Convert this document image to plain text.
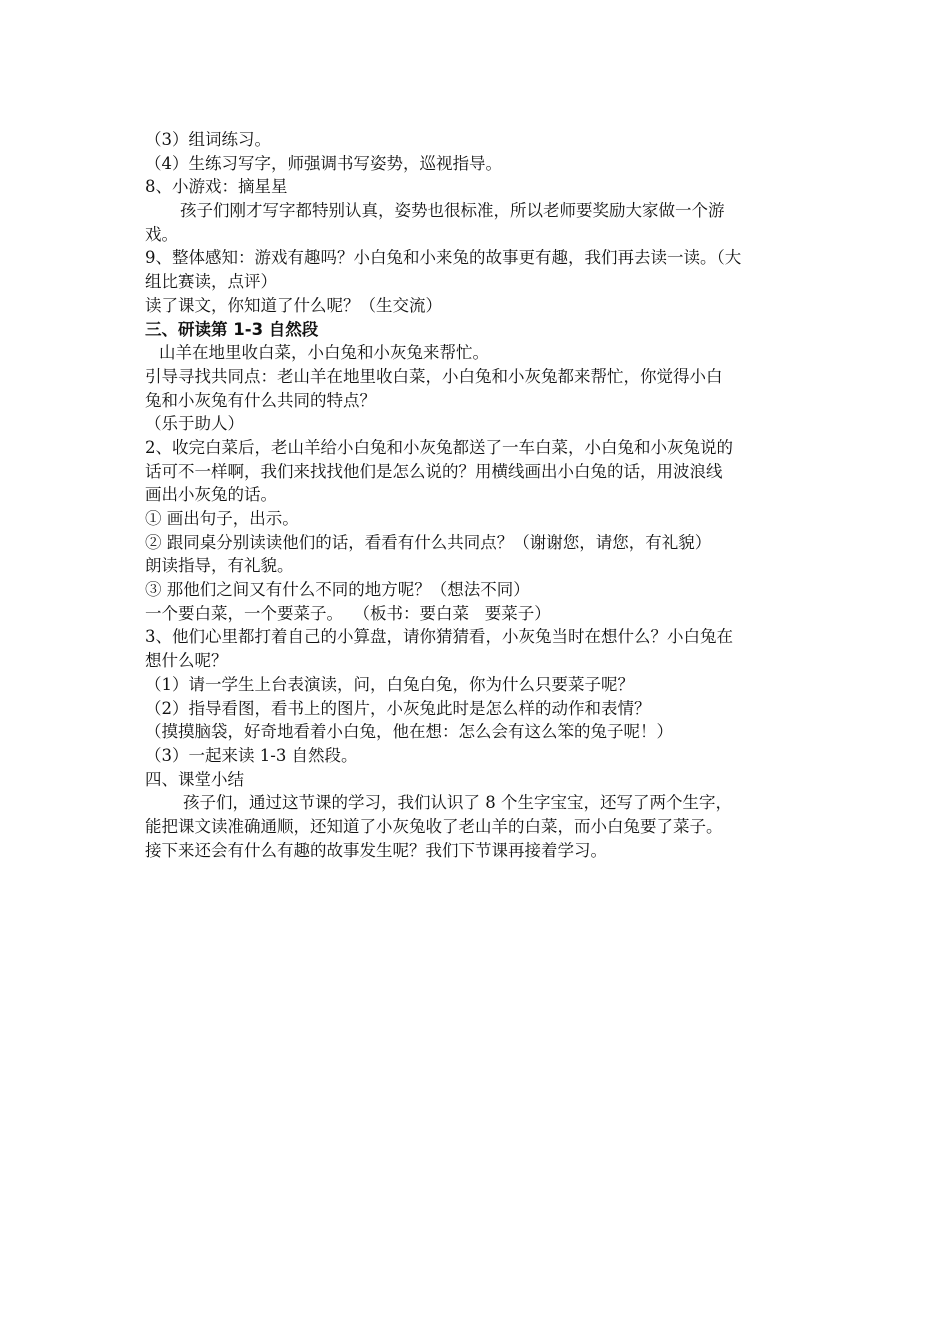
（3）组词练习。
（4）生练习写字，师强调书写姿势，巡视指导。
8、小游戏：摘星星
孩子们刚才写字都特别认真，姿势也很标准，所以老师要奖励大家做一个游
戏。
9、整体感知：游戏有趣吗？小白兔和小来兔的故事更有趣，我们再去读一读。（大
组比赛读，点评）
读了课文，你知道了什么呢？（生交流）
三、研读第 1-3 自然段
山羊在地里收白菜，小白兔和小灰兔来帮忙。
引导寻找共同点：老山羊在地里收白菜，小白兔和小灰兔都来帮忙，你觉得小白
兔和小灰兔有什么共同的特点？
（乐于助人）
2、收完白菜后，老山羊给小白兔和小灰兔都送了一车白菜，小白兔和小灰兔说的
话可不一样啊，我们来找找他们是怎么说的？用横线画出小白兔的话，用波浪线
画出小灰兔的话。
① 画出句子，出示。
② 跟同桌分别读读他们的话，看看有什么共同点？（谢谢您，请您，有礼貌）
朗读指导，有礼貌。
③ 那他们之间又有什么不同的地方呢？（想法不同）
一个要白菜，一个要菜子。  （板书：要白菜   要菜子）
3、他们心里都打着自己的小算盘，请你猜猜看，小灰兔当时在想什么？小白兔在
想什么呢？
（1）请一学生上台表演读，问，白兔白兔，你为什么只要菜子呢？
（2）指导看图，看书上的图片，小灰兔此时是怎么样的动作和表情？
（摸摸脑袋，好奇地看着小白兔，他在想：怎么会有这么笨的兔子呢！）
（3）一起来读 1-3 自然段。
四、课堂小结
孩子们，通过这节课的学习，我们认识了 8 个生字宝宝，还写了两个生字，
能把课文读准确通顺，还知道了小灰兔收了老山羊的白菜，而小白兔要了菜子。
接下来还会有什么有趣的故事发生呢？我们下节课再接着学习。
